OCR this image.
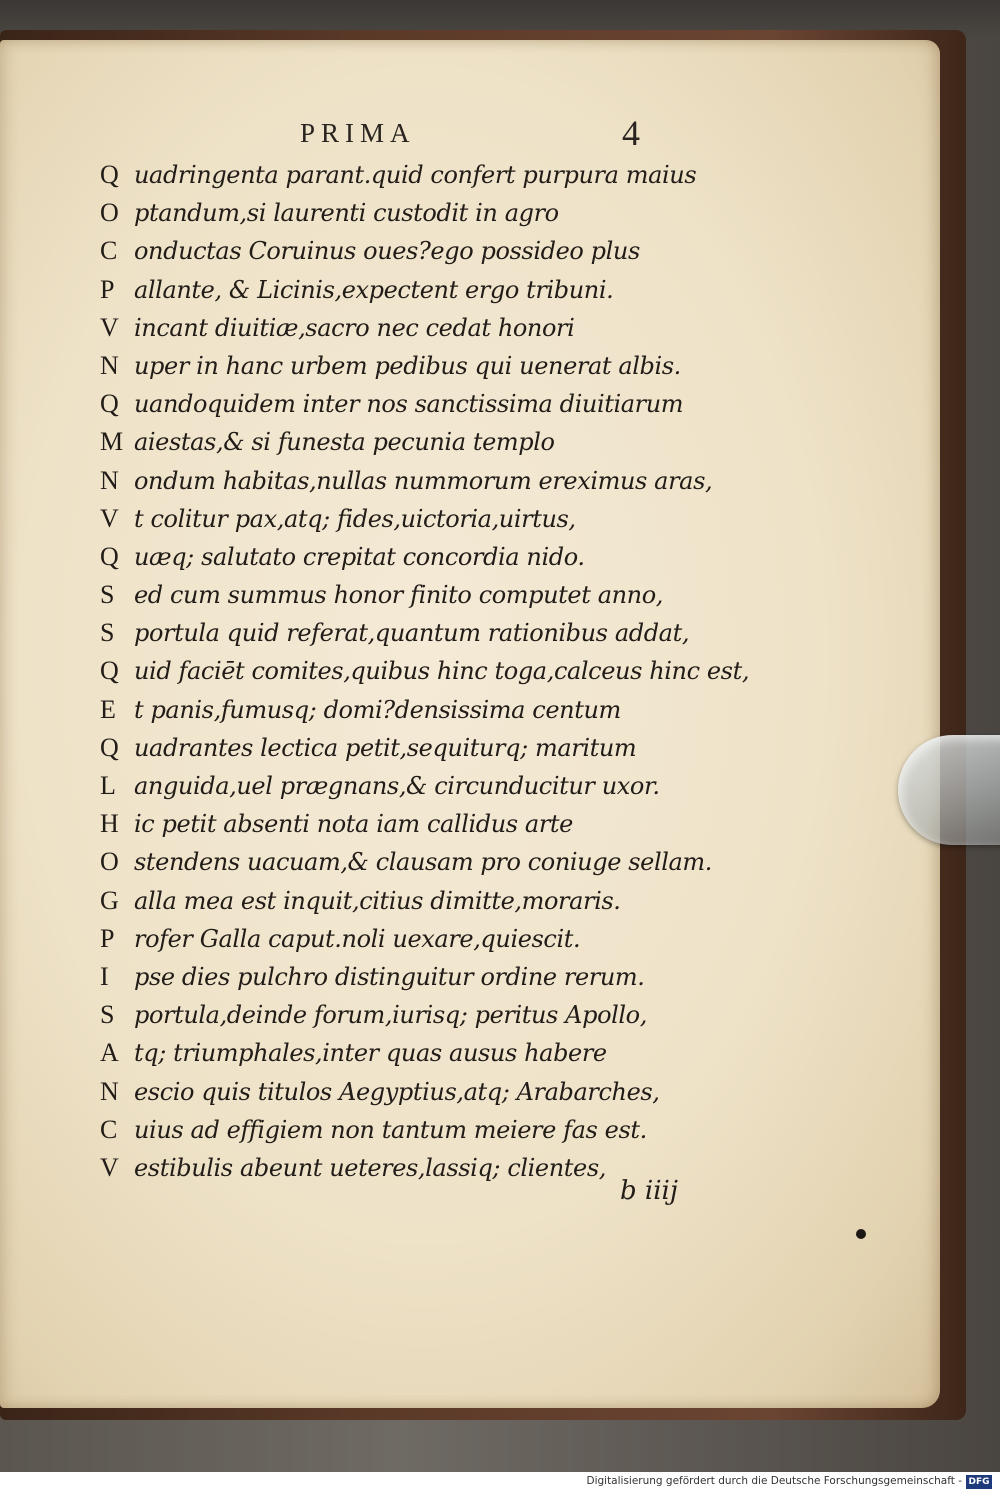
PRIMA	4
Q uadringenta parant.quid confert purpura maius
O ptandum,si laurenti custodit in agro
C onductas Coruinus oues?ego possideo plus
P allante, & Licinis,expectent ergo tribuni.
V incant diuitiæ,sacro nec cedat honori
N uper in hanc urbem pedibus qui uenerat albis.
Q uandoquidem inter nos sanctissima diuitiarum
M aiestas,& si funesta pecunia templo
N ondum habitas,nullas nummorum ereximus aras,
V t colitur pax,atq; fides,uictoria,uirtus,
Q uæq; salutato crepitat concordia nido.
S ed cum summus honor finito computet anno,
S portula quid referat,quantum rationibus addat,
Q uid faciēt comites,quibus hinc toga,calceus hinc est,
E t panis,fumusq; domi?densissima centum
Q uadrantes lectica petit,sequiturq; maritum
L anguida,uel prægnans,& circunducitur uxor.
H ic petit absenti nota iam callidus arte
O stendens uacuam,& clausam pro coniuge sellam.
G alla mea est inquit,citius dimitte,moraris.
P rofer Galla caput.noli uexare,quiescit.
I pse dies pulchro distinguitur ordine rerum.
S portula,deinde forum,iurisq; peritus Apollo,
A tq; triumphales,inter quas ausus habere
N escio quis titulos Aegyptius,atq; Arabarches,
C uius ad effigiem non tantum meiere fas est.
V estibulis abeunt ueteres,lassiq; clientes,
b iiij
Digitalisierung gefördert durch die Deutsche Forschungsgemeinschaft - DFG
